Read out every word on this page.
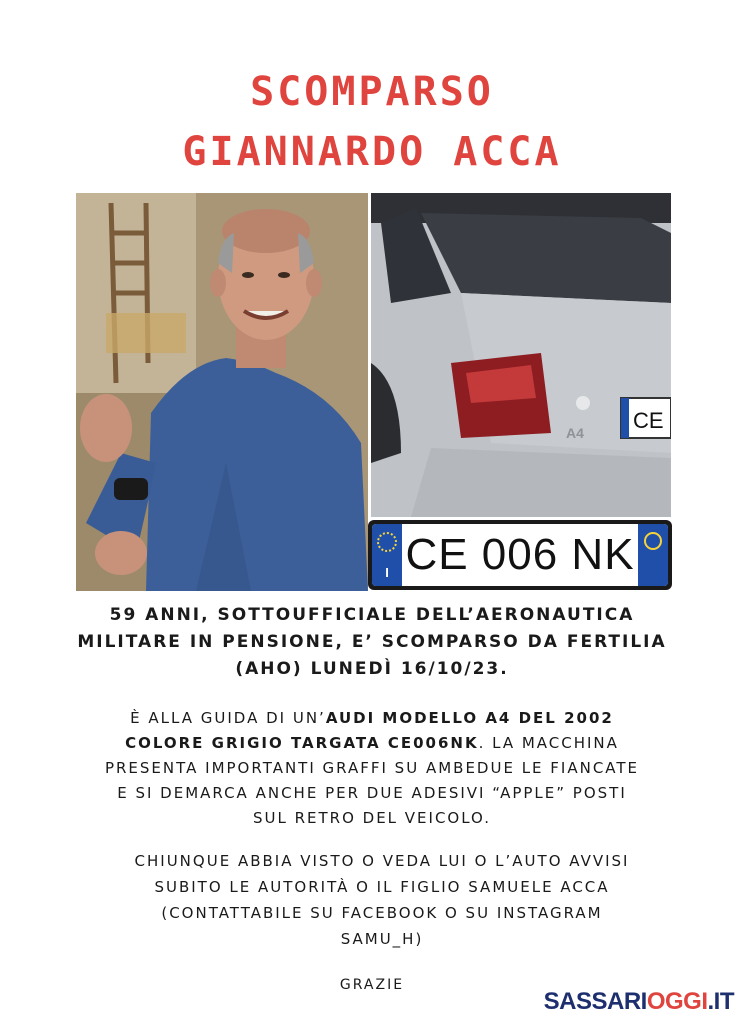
SCOMPARSO
GIANNARDO ACCA
CE
A4
I CE 006 NK
59 ANNI, SOTTOUFFICIALE DELL’AERONAUTICA
MILITARE IN PENSIONE, E’ SCOMPARSO DA FERTILIA
(AHO) LUNEDÌ 16/10/23.
È ALLA GUIDA DI UN’AUDI MODELLO A4 DEL 2002
COLORE GRIGIO TARGATA CE006NK. LA MACCHINA
PRESENTA IMPORTANTI GRAFFI SU AMBEDUE LE FIANCATE
E SI DEMARCA ANCHE PER DUE ADESIVI “APPLE” POSTI
SUL RETRO DEL VEICOLO.
CHIUNQUE ABBIA VISTO O VEDA LUI O L’AUTO AVVISI
SUBITO LE AUTORITÀ O IL FIGLIO SAMUELE ACCA
(CONTATTABILE SU FACEBOOK O SU INSTAGRAM
SAMU_H)
GRAZIE
SASSARIOGGI.IT
